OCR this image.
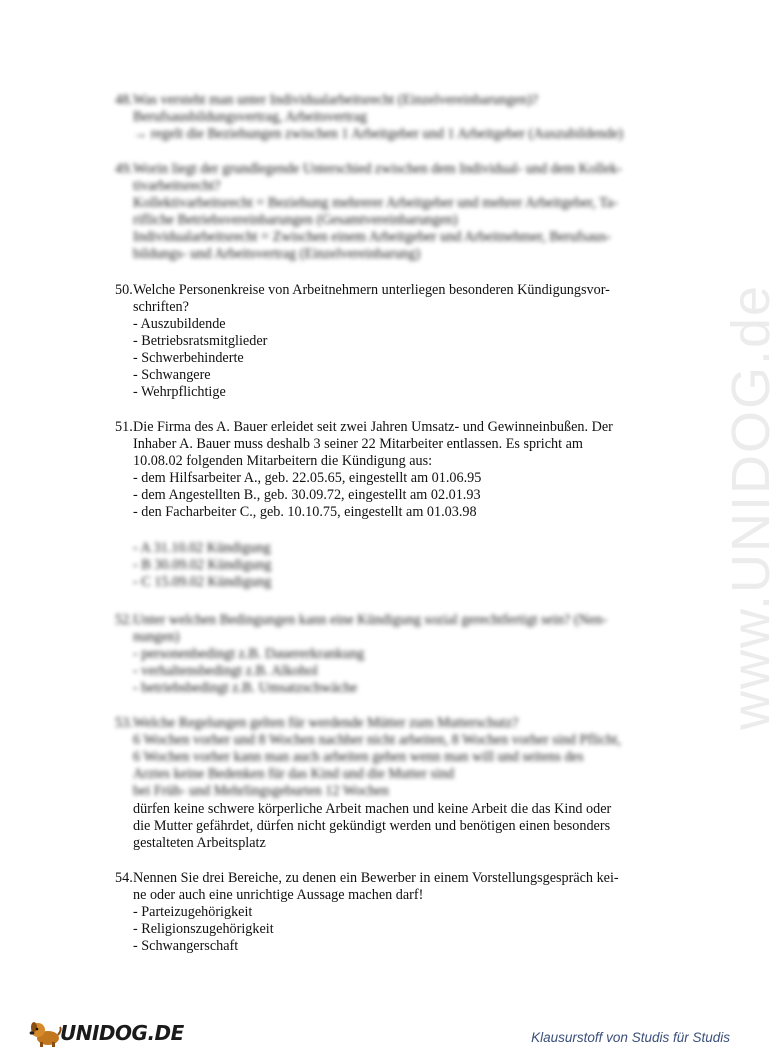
www.UNIDOG.de
48. Was versteht man unter Individualarbeitsrecht (Einzelvereinbarungen)?
Berufsausbildungsvertrag, Arbeitsvertrag
→ regelt die Beziehungen zwischen 1 Arbeitgeber und 1 Arbeitgeber (Auszubildende)
49. Worin liegt der grundlegende Unterschied zwischen dem Individual- und dem Kollek-
tivarbeitsrecht?
Kollektivarbeitsrecht = Beziehung mehrerer Arbeitgeber und mehrer Arbeitgeber, Ta-
rifliche Betriebsvereinbarungen (Gesamtvereinbarungen)
Individualarbeitsrecht = Zwischen einem Arbeitgeber und Arbeitnehmer, Berufsaus-
bildungs- und Arbeitsvertrag (Einzelvereinbarung)
50. Welche Personenkreise von Arbeitnehmern unterliegen besonderen Kündigungsvor-
schriften?
- Auszubildende
- Betriebsratsmitglieder
- Schwerbehinderte
- Schwangere
- Wehrpflichtige
51. Die Firma des A. Bauer erleidet seit zwei Jahren Umsatz- und Gewinneinbußen. Der
Inhaber A. Bauer muss deshalb 3 seiner 22 Mitarbeiter entlassen. Es spricht am
10.08.02 folgenden Mitarbeitern die Kündigung aus:
- dem Hilfsarbeiter A., geb. 22.05.65, eingestellt am 01.06.95
- dem Angestellten B., geb. 30.09.72, eingestellt am 02.01.93
- den Facharbeiter C., geb. 10.10.75, eingestellt am 01.03.98
- A 31.10.02 Kündigung
- B 30.09.02 Kündigung
- C 15.09.02 Kündigung
52. Unter welchen Bedingungen kann eine Kündigung sozial gerechtfertigt sein? (Nen-
nungen)
- personenbedingt z.B. Dauererkrankung
- verhaltensbedingt z.B. Alkohol
- betriebsbedingt z.B. Umsatzschwäche
53. Welche Regelungen gelten für werdende Mütter zum Mutterschutz?
6 Wochen vorher und 8 Wochen nachher nicht arbeiten, 8 Wochen vorher sind Pflicht,
6 Wochen vorher kann man auch arbeiten gehen wenn man will und seitens des
Arztes keine Bedenken für das Kind und die Mutter sind
bei Früh- und Mehrlingsgeburten 12 Wochen
dürfen keine schwere körperliche Arbeit machen und keine Arbeit die das Kind oder
die Mutter gefährdet, dürfen nicht gekündigt werden und benötigen einen besonders
gestalteten Arbeitsplatz
54. Nennen Sie drei Bereiche, zu denen ein Bewerber in einem Vorstellungsgespräch kei-
ne oder auch eine unrichtige Aussage machen darf!
- Parteizugehörigkeit
- Religionszugehörigkeit
- Schwangerschaft
UNIDOG.DE	Klausurstoff von Studis für Studis
